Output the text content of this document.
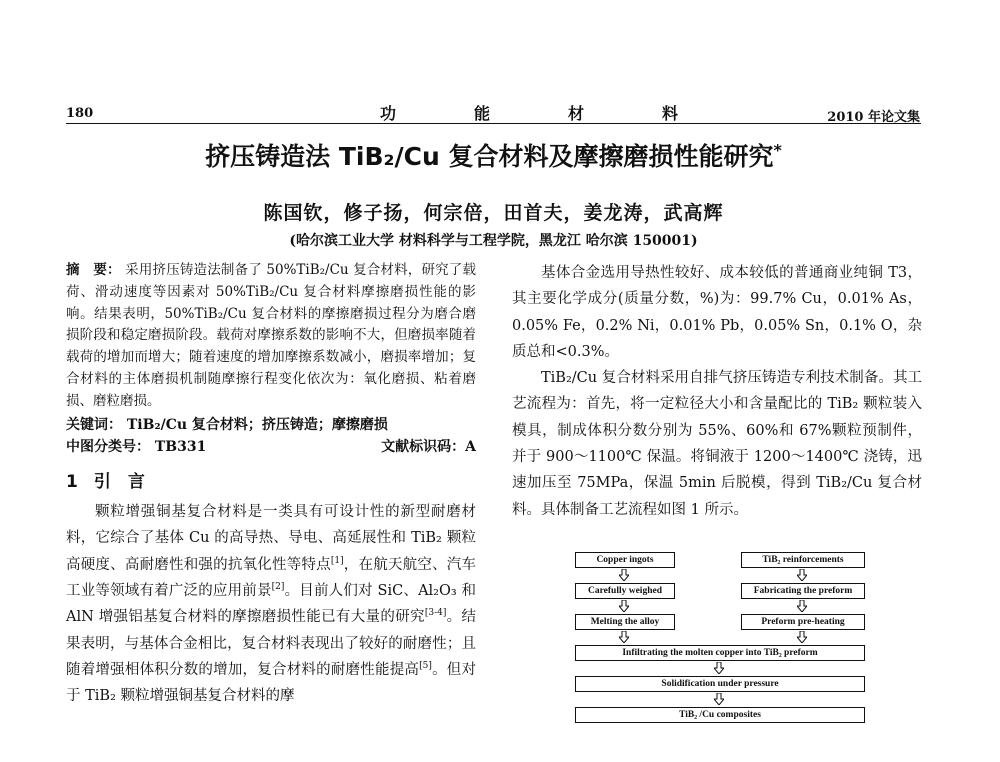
180	功	能	材	料	2010 年论文集
挤压铸造法 TiB₂/Cu 复合材料及摩擦磨损性能研究*
陈国钦，修子扬，何宗倍，田首夫，姜龙涛，武高辉
(哈尔滨工业大学 材料科学与工程学院，黑龙江 哈尔滨 150001)

摘　要： 采用挤压铸造法制备了 50%TiB₂/Cu 复合材料，研究了载荷、滑动速度等因素对 50%TiB₂/Cu 复合材料摩擦磨损性能的影响。结果表明，50%TiB₂/Cu 复合材料的摩擦磨损过程分为磨合磨损阶段和稳定磨损阶段。载荷对摩擦系数的影响不大，但磨损率随着载荷的增加而增大；随着速度的增加摩擦系数减小，磨损率增加；复合材料的主体磨损机制随摩擦行程变化依次为：氧化磨损、粘着磨损、磨粒磨损。

关键词： TiB₂/Cu 复合材料；挤压铸造；摩擦磨损
中图分类号： TB331	文献标识码：A
1 引　言

颗粒增强铜基复合材料是一类具有可设计性的新型耐磨材料，它综合了基体 Cu 的高导热、导电、高延展性和 TiB₂ 颗粒高硬度、高耐磨性和强的抗氧化性等特点[1]，在航天航空、汽车工业等领域有着广泛的应用前景[2]。目前人们对 SiC、Al₂O₃ 和 AlN 增强铝基复合材料的摩擦磨损性能已有大量的研究[3-4]。结果表明，与基体合金相比，复合材料表现出了较好的耐磨性；且随着增强相体积分数的增加，复合材料的耐磨性能提高[5]。但对于 TiB₂ 颗粒增强铜基复合材料的摩

基体合金选用导热性较好、成本较低的普通商业纯铜 T3，其主要化学成分(质量分数，%)为：99.7% Cu，0.01% As，0.05% Fe，0.2% Ni，0.01% Pb，0.05% Sn，0.1% O，杂质总和<0.3%。

TiB₂/Cu 复合材料采用自排气挤压铸造专利技术制备。其工艺流程为：首先，将一定粒径大小和含量配比的 TiB₂ 颗粒装入模具，制成体积分数分别为 55%、60%和 67%颗粒预制件，并于 900～1100℃ 保温。将铜液于 1200～1400℃ 浇铸，迅速加压至 75MPa，保温 5min 后脱模，得到 TiB₂/Cu 复合材料。具体制备工艺流程如图 1 所示。

Copper ingots	TiB₂ reinforcements
Carefully weighed	Fabricating the preform
Melting the alloy	Preform pre-heating
Infiltrating the molten copper into TiB₂ preform
Solidification under pressure
TiB₂ /Cu composites
